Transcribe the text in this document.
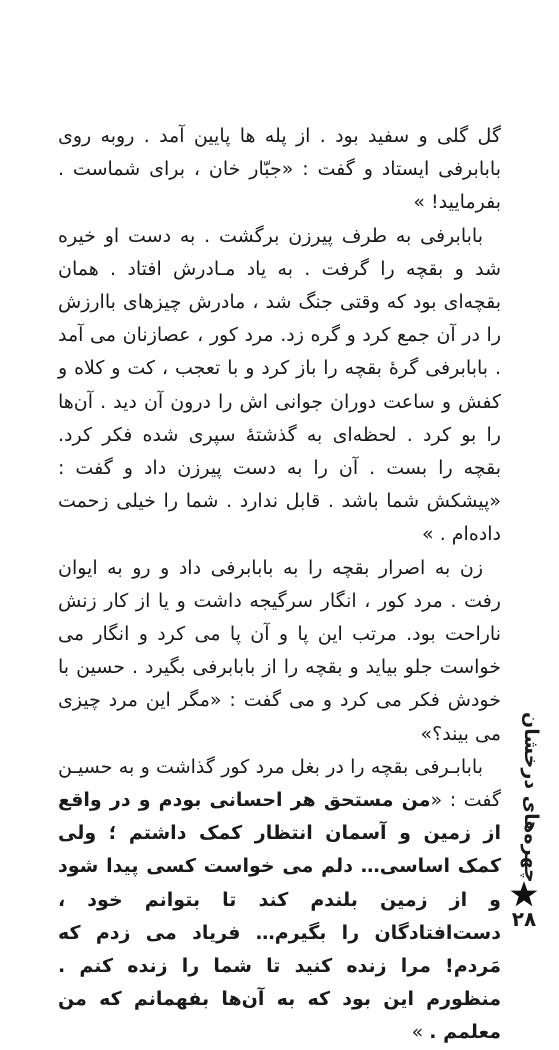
گل گلی و سفید بود . از پله ها پایین آمد . روبه روی بابابرفی ایستاد و گفت : «جبّار خان ، برای شماست . بفرمایید! »

بابابرفی به طرف پیرزن برگشت . به دست او خیره شد و بقچه را گرفت . به یاد مـادرش افتاد . همان بقچه‌ای بود که وقتی جنگ شد ، مادرش چیزهای باارزش را در آن جمع کرد و گره زد. مرد کور ، عصازنان می آمد . بابابرفی گرهٔ بقچه را باز کرد و با تعجب ، کت و کلاه و کفش و ساعت دوران جوانی اش را درون آن دید . آن‌ها را بو کرد . لحظه‌ای به گذشتهٔ سپری شده فکر کرد. بقچه را بست . آن را به دست پیرزن داد و گفت : «پیشکش شما باشد . قابل ندارد . شما را خیلی زحمت داده‌ام . »

زن به اصرار بقچه را به بابابرفی داد و رو به ایوان رفت . مرد کور ، انگار سرگیجه داشت و یا از کار زنش ناراحت بود. مرتب این پا و آن پا می کرد و انگار می خواست جلو بیاید و بقچه را از بابابرفی بگیرد . حسین با خودش فکر می کرد و می گفت : «مگر این مرد چیزی می بیند؟»

بابابـرفی بقچه را در بغل مرد کور گذاشت و به حسیـن گفت : «من مستحق هر احسانی بودم و در واقع از زمین و آسمان انتظار کمک داشتم ؛ ولی کمک اساسی… دلم می خواست کسی پیدا شود و از زمین بلندم کند تا بتوانم خود ، دست‌افتادگان را بگیرم… فریاد می زدم که مَردم! مرا زنده کنید تا شما را زنده کنم . منظورم این بود که به آن‌ها بفهمانم که من معلمم . »

چهره‌های درخشان
۲۸
